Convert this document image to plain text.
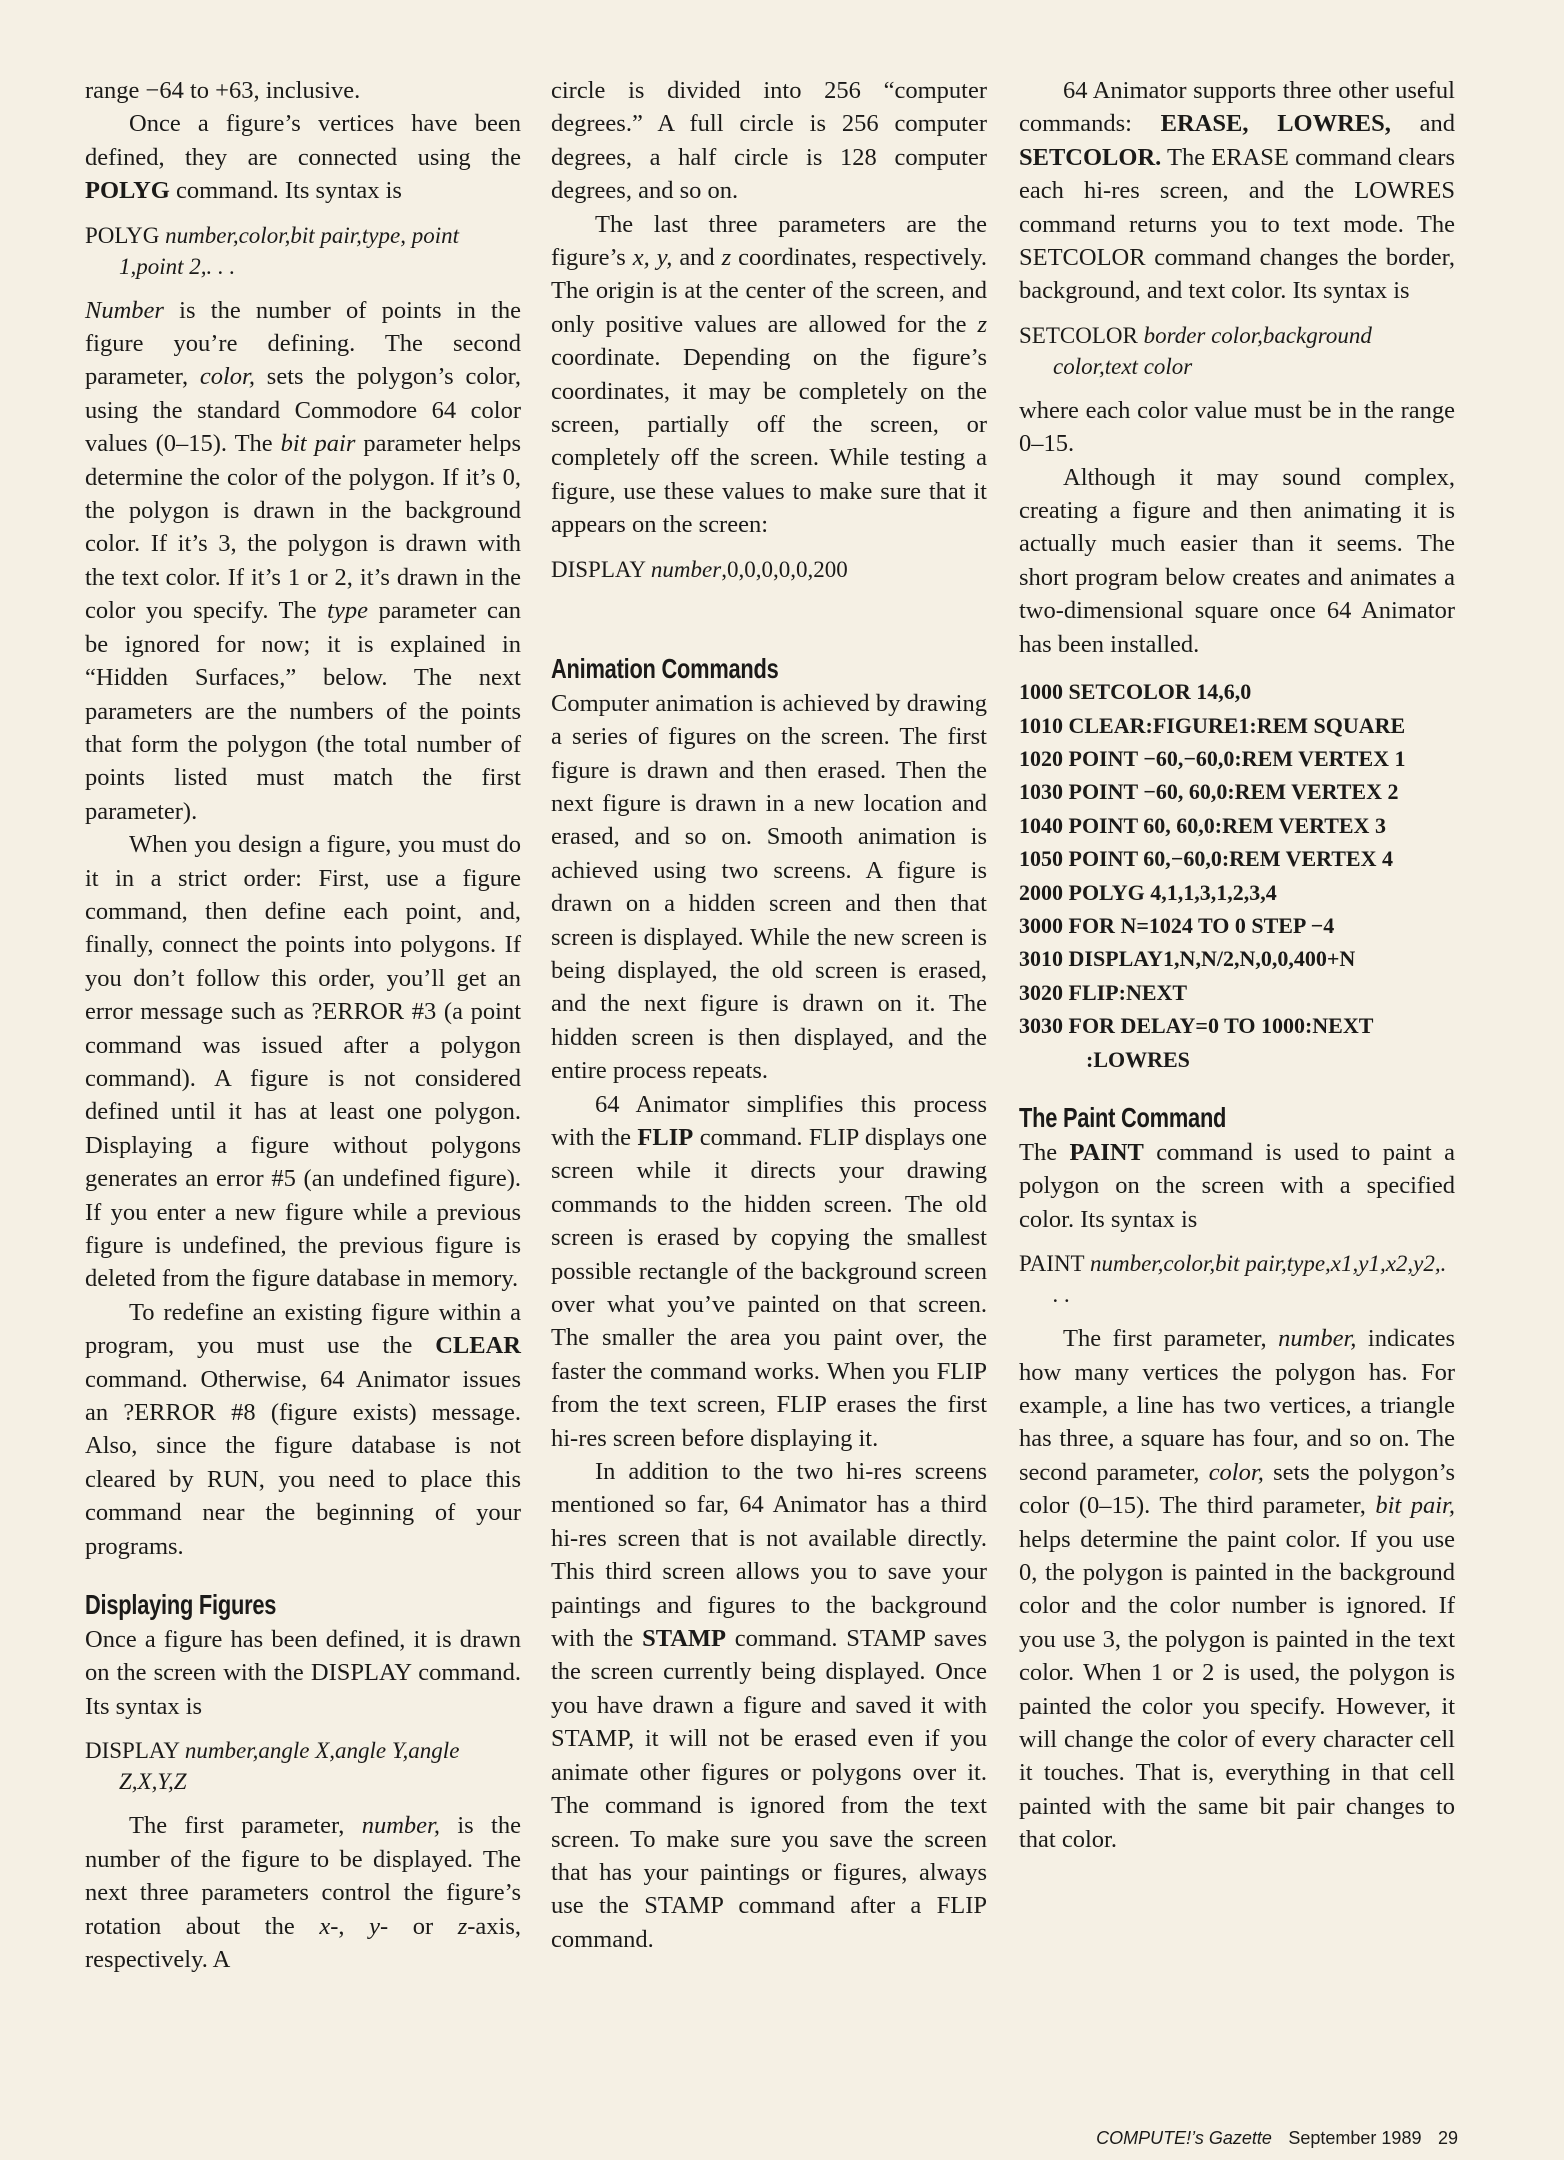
range −64 to +63, inclusive.

Once a figure’s vertices have been defined, they are connected using the POLYG command. Its syntax is

POLYG number,color,bit pair,type, point 1,point 2,. . .

Number is the number of points in the figure you’re defining. The second parameter, color, sets the polygon’s color, using the standard Commodore 64 color values (0–15). The bit pair parameter helps determine the color of the polygon. If it’s 0, the polygon is drawn in the background color. If it’s 3, the polygon is drawn with the text color. If it’s 1 or 2, it’s drawn in the color you specify. The type parameter can be ignored for now; it is explained in “Hidden Surfaces,” below. The next parameters are the numbers of the points that form the polygon (the total number of points listed must match the first parameter).

When you design a figure, you must do it in a strict order: First, use a figure command, then define each point, and, finally, connect the points into polygons. If you don’t follow this order, you’ll get an error message such as ?ERROR #3 (a point command was issued after a polygon command). A figure is not considered defined until it has at least one polygon. Displaying a figure without polygons generates an error #5 (an undefined figure). If you enter a new figure while a previous figure is undefined, the previous figure is deleted from the figure database in memory.

To redefine an existing figure within a program, you must use the CLEAR command. Otherwise, 64 Animator issues an ?ERROR #8 (figure exists) message. Also, since the figure database is not cleared by RUN, you need to place this command near the beginning of your programs.

Displaying Figures

Once a figure has been defined, it is drawn on the screen with the DISPLAY command. Its syntax is

DISPLAY number,angle X,angle Y,angle Z,X,Y,Z

The first parameter, number, is the number of the figure to be displayed. The next three parameters control the figure’s rotation about the x-, y- or z-axis, respectively. A

circle is divided into 256 “computer degrees.” A full circle is 256 computer degrees, a half circle is 128 computer degrees, and so on.

The last three parameters are the figure’s x, y, and z coordinates, respectively. The origin is at the center of the screen, and only positive values are allowed for the z coordinate. Depending on the figure’s coordinates, it may be completely on the screen, partially off the screen, or completely off the screen. While testing a figure, use these values to make sure that it appears on the screen:

DISPLAY number,0,0,0,0,0,200

Animation Commands

Computer animation is achieved by drawing a series of figures on the screen. The first figure is drawn and then erased. Then the next figure is drawn in a new location and erased, and so on. Smooth animation is achieved using two screens. A figure is drawn on a hidden screen and then that screen is displayed. While the new screen is being displayed, the old screen is erased, and the next figure is drawn on it. The hidden screen is then displayed, and the entire process repeats.

64 Animator simplifies this process with the FLIP command. FLIP displays one screen while it directs your drawing commands to the hidden screen. The old screen is erased by copying the smallest possible rectangle of the background screen over what you’ve painted on that screen. The smaller the area you paint over, the faster the command works. When you FLIP from the text screen, FLIP erases the first hi-res screen before displaying it.

In addition to the two hi-res screens mentioned so far, 64 Animator has a third hi-res screen that is not available directly. This third screen allows you to save your paintings and figures to the background with the STAMP command. STAMP saves the screen currently being displayed. Once you have drawn a figure and saved it with STAMP, it will not be erased even if you animate other figures or polygons over it. The command is ignored from the text screen. To make sure you save the screen that has your paintings or figures, always use the STAMP command after a FLIP command.

64 Animator supports three other useful commands: ERASE, LOWRES, and SETCOLOR. The ERASE command clears each hi-res screen, and the LOWRES command returns you to text mode. The SETCOLOR command changes the border, background, and text color. Its syntax is

SETCOLOR border color,background color,text color

where each color value must be in the range 0–15.

Although it may sound complex, creating a figure and then animating it is actually much easier than it seems. The short program below creates and animates a two-dimensional square once 64 Animator has been installed.

1000 SETCOLOR 14,6,0
1010 CLEAR:FIGURE1:REM SQUARE
1020 POINT −60,−60,0:REM VERTEX 1
1030 POINT −60, 60,0:REM VERTEX 2
1040 POINT 60, 60,0:REM VERTEX 3
1050 POINT 60,−60,0:REM VERTEX 4
2000 POLYG 4,1,1,3,1,2,3,4
3000 FOR N=1024 TO 0 STEP −4
3010 DISPLAY1,N,N/2,N,0,0,400+N
3020 FLIP:NEXT
3030 FOR DELAY=0 TO 1000:NEXT :LOWRES
The Paint Command

The PAINT command is used to paint a polygon on the screen with a specified color. Its syntax is

PAINT number,color,bit pair,type,x1,y1,x2,y2,. . .

The first parameter, number, indicates how many vertices the polygon has. For example, a line has two vertices, a triangle has three, a square has four, and so on. The second parameter, color, sets the polygon’s color (0–15). The third parameter, bit pair, helps determine the paint color. If you use 0, the polygon is painted in the background color and the color number is ignored. If you use 3, the polygon is painted in the text color. When 1 or 2 is used, the polygon is painted the color you specify. However, it will change the color of every character cell it touches. That is, everything in that cell painted with the same bit pair changes to that color.

COMPUTE!’s Gazette September 1989 29
